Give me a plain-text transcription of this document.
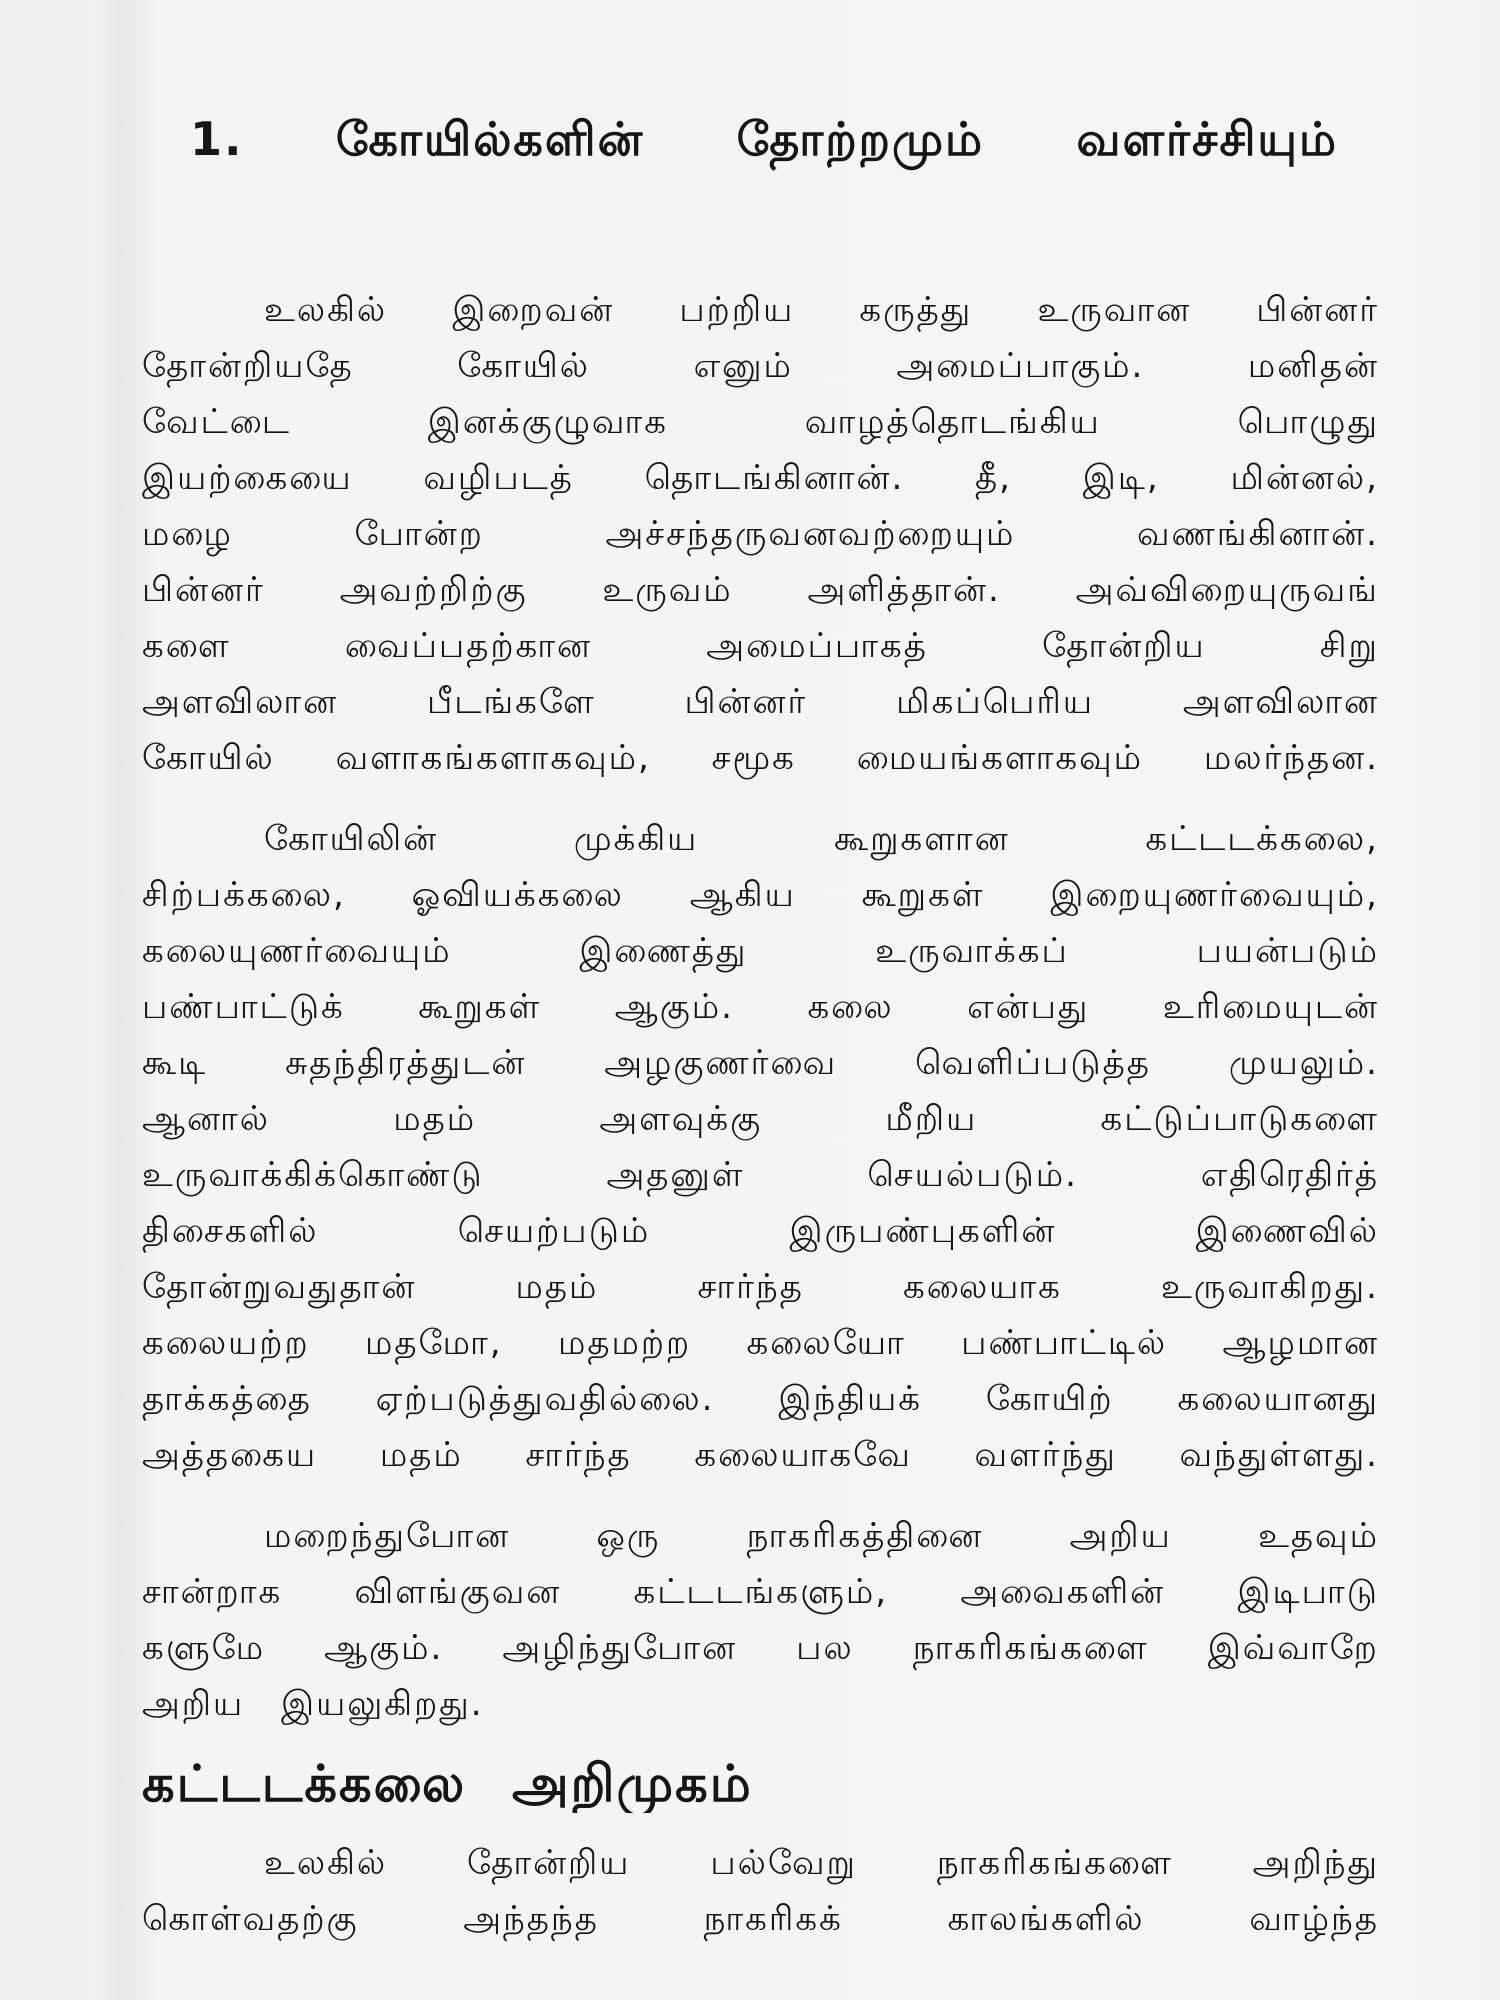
1. கோயில்களின் தோற்றமும் வளர்ச்சியும்
உலகில் இறைவன் பற்றிய கருத்து உருவான பின்னர்
தோன்றியதே	கோயில்	எனும்	அமைப்பாகும்.	மனிதன்
வேட்டை	இனக்குழுவாக	வாழத்தொடங்கிய	பொழுது
இயற்கையை வழிபடத் தொடங்கினான். தீ, இடி, மின்னல்,
மழை	போன்ற	அச்சந்தருவனவற்றையும்	வணங்கினான்.
பின்னர் அவற்றிற்கு உருவம் அளித்தான். அவ்விறையுருவங்
களை	வைப்பதற்கான	அமைப்பாகத்	தோன்றிய	சிறு
அளவிலான	பீடங்களே	பின்னர்	மிகப்பெரிய	அளவிலான
கோயில் வளாகங்களாகவும், சமூக மையங்களாகவும் மலர்ந்தன.
கோயிலின்	முக்கிய	கூறுகளான	கட்டடக்கலை,
சிற்பக்கலை, ஓவியக்கலை ஆகிய கூறுகள் இறையுணர்வையும்,
கலையுணர்வையும்	இணைத்து	உருவாக்கப்	பயன்படும்
பண்பாட்டுக் கூறுகள் ஆகும். கலை என்பது உரிமையுடன்
கூடி சுதந்திரத்துடன் அழகுணர்வை வெளிப்படுத்த முயலும்.
ஆனால்	மதம்	அளவுக்கு	மீறிய	கட்டுப்பாடுகளை
உருவாக்கிக்கொண்டு	அதனுள்	செயல்படும்.	எதிரெதிர்த்
திசைகளில்	செயற்படும்	இருபண்புகளின்	இணைவில்
தோன்றுவதுதான்	மதம்	சார்ந்த	கலையாக	உருவாகிறது.
கலையற்ற மதமோ, மதமற்ற கலையோ பண்பாட்டில் ஆழமான
தாக்கத்தை ஏற்படுத்துவதில்லை. இந்தியக் கோயிற் கலையானது
அத்தகைய மதம் சார்ந்த கலையாகவே வளர்ந்து வந்துள்ளது.
மறைந்துபோன	ஒரு	நாகரிகத்தினை	அறிய	உதவும்
சான்றாக விளங்குவன கட்டடங்களும், அவைகளின் இடிபாடு
களுமே ஆகும். அழிந்துபோன பல நாகரிகங்களை இவ்வாறே
அறிய இயலுகிறது.
கட்டடக்கலை அறிமுகம்
உலகில் தோன்றிய பல்வேறு நாகரிகங்களை அறிந்து
கொள்வதற்கு	அந்தந்த	நாகரிகக்	காலங்களில்	வாழ்ந்த
